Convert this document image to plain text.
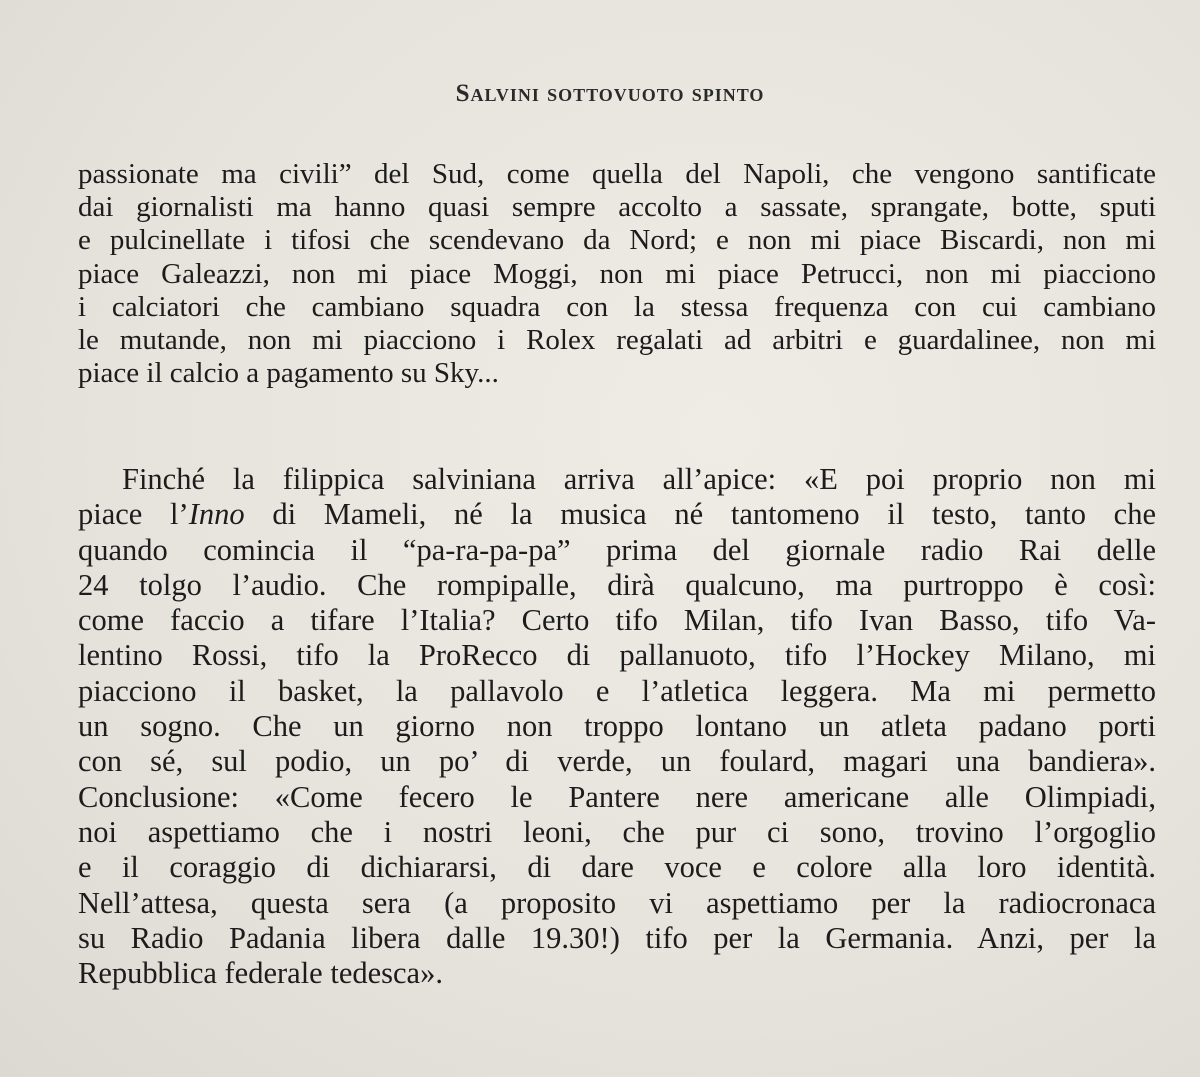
Salvini sottovuoto spinto
passionate ma civili” del Sud, come quella del Napoli, che vengono santificate
dai giornalisti ma hanno quasi sempre accolto a sassate, sprangate, botte, sputi
e pulcinellate i tifosi che scendevano da Nord; e non mi piace Biscardi, non mi
piace Galeazzi, non mi piace Moggi, non mi piace Petrucci, non mi piacciono
i calciatori che cambiano squadra con la stessa frequenza con cui cambiano
le mutande, non mi piacciono i Rolex regalati ad arbitri e guardalinee, non mi
piace il calcio a pagamento su Sky...
Finché la filippica salviniana arriva all’apice: «E poi proprio non mi
piace l’Inno di Mameli, né la musica né tantomeno il testo, tanto che
quando comincia il “pa-ra-pa-pa” prima del giornale radio Rai delle
24 tolgo l’audio. Che rompipalle, dirà qualcuno, ma purtroppo è così:
come faccio a tifare l’Italia? Certo tifo Milan, tifo Ivan Basso, tifo Va-
lentino Rossi, tifo la ProRecco di pallanuoto, tifo l’Hockey Milano, mi
piacciono il basket, la pallavolo e l’atletica leggera. Ma mi permetto
un sogno. Che un giorno non troppo lontano un atleta padano porti
con sé, sul podio, un po’ di verde, un foulard, magari una bandiera».
Conclusione: «Come fecero le Pantere nere americane alle Olimpiadi,
noi aspettiamo che i nostri leoni, che pur ci sono, trovino l’orgoglio
e il coraggio di dichiararsi, di dare voce e colore alla loro identità.
Nell’attesa, questa sera (a proposito vi aspettiamo per la radiocronaca
su Radio Padania libera dalle 19.30!) tifo per la Germania. Anzi, per la
Repubblica federale tedesca».
